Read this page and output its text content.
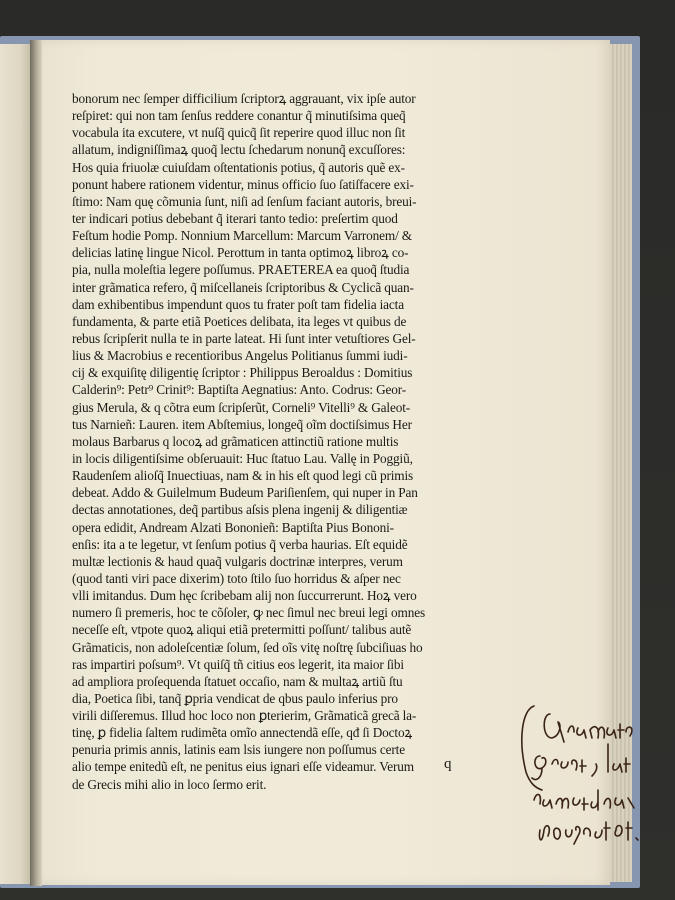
bonorum nec ſemper difficilium ſcriptorꝝ aggrauant, vix ipſe autor
reſpiret: qui non tam ſenſus reddere conantur q̃ minutiſsima queq̃
vocabula ita excutere, vt nuſq̃ quicq̃ ſit reperire quod illuc non ſit
allatum, indigniſſimaꝝ quoq̃ lectu ſchedarum nonunq̃ excuſſores:
Hos quia friuolæ cuiuſdam oſtentationis potius, q̃ autoris quẽ ex-
ponunt habere rationem videntur, minus officio ſuo ſatiſfacere exi-
ſtimo: Nam quę cõmunia ſunt, niſi ad ſenſum faciant autoris, breui-
ter indicari potius debebant q̃ iterari tanto tedio: preſertim quod
Feſtum hodie Pomp. Nonnium Marcellum: Marcum Varronem/ &
delicias latinę lingue Nicol. Perottum in tanta optimoꝝ libroꝝ co-
pia, nulla moleſtia legere poſſumus. PRAETEREA ea quoq̃ ſtudia
inter grãmatica refero, q̃ miſcellaneis ſcriptoribus & Cyclicã quan-
dam exhibentibus impendunt quos tu frater poſt tam fidelia iacta
fundamenta, & parte etiã Poetices delibata, ita leges vt quibus de
rebus ſcripſerit nulla te in parte lateat. Hi ſunt inter vetuſtiores Gel-
lius & Macrobius e recentioribus Angelus Politianus ſummi iudi-
cij & exquiſitę diligentię ſcriptor : Philippus Beroaldus : Domitius
Calderin⁹: Petr⁹ Crinit⁹: Baptiſta Aegnatius: Anto. Codrus: Geor-
gius Merula, & q cõtra eum ſcripſerũt, Corneli⁹ Vitelli⁹ & Galeot-
tus Narnieñ: Lauren. item Abſtemius, longeq̃ oĩm doctiſsimus Her
molaus Barbarus q locoꝝ ad grãmaticen attinctiũ ratione multis
in locis diligentiſsime obſeruauit: Huc ſtatuo Lau. Vallę in Poggiũ,
Raudenſem alioſq̃ Inuectiuas, nam & in his eſt quod legi cũ primis
debeat. Addo & Guilelmum Budeum Pariſienſem, qui nuper in Pan
dectas annotationes, deq̃ partibus aſsis plena ingenij & diligentiæ
opera edidit, Andream Alzati Bononieñ: Baptiſta Pius Bononi-
enſis: ita a te legetur, vt ſenſum potius q̃ verba haurias. Eſt equidẽ
multæ lectionis & haud quaq̃ vulgaris doctrinæ interpres, verum
(quod tanti viri pace dixerim) toto ſtilo ſuo horridus & aſper nec
vlli imitandus. Dum hęc ſcribebam alij non ſuccurrerunt. Hoꝝ vero
numero ſi premeris, hoc te cõſoler, ꝙ nec ſimul nec breui legi omnes
neceſſe eſt, vtpote quoꝝ aliqui etiã pretermitti poſſunt/ talibus autẽ
Grãmaticis, non adoleſcentiæ ſolum, ſed oĩs vitę noſtrę ſubciſiuas ho
ras impartiri poſsum⁹. Vt quiſq̃ tñ citius eos legerit, ita maior ſibi
ad ampliora proſequenda ſtatuet occaſio, nam & multaꝝ artiũ ſtu
dia, Poetica ſibi, tanq̃ ꝑpria vendicat de qbus paulo inferius pro
virili diſſeremus. Illud hoc loco non ꝑterierim, Grãmaticã grecã la-
tinę, ꝑ fidelia ſaltem rudimẽta omĩo annectendã eſſe, qđ ſi Doctoꝝ
penuria primis annis, latinis eam lsis iungere non poſſumus certe
alio tempe enitedũ eſt, ne penitus eius ignari eſſe videamur. Verum
de Grecis mihi alio in loco ſermo erit.
q
